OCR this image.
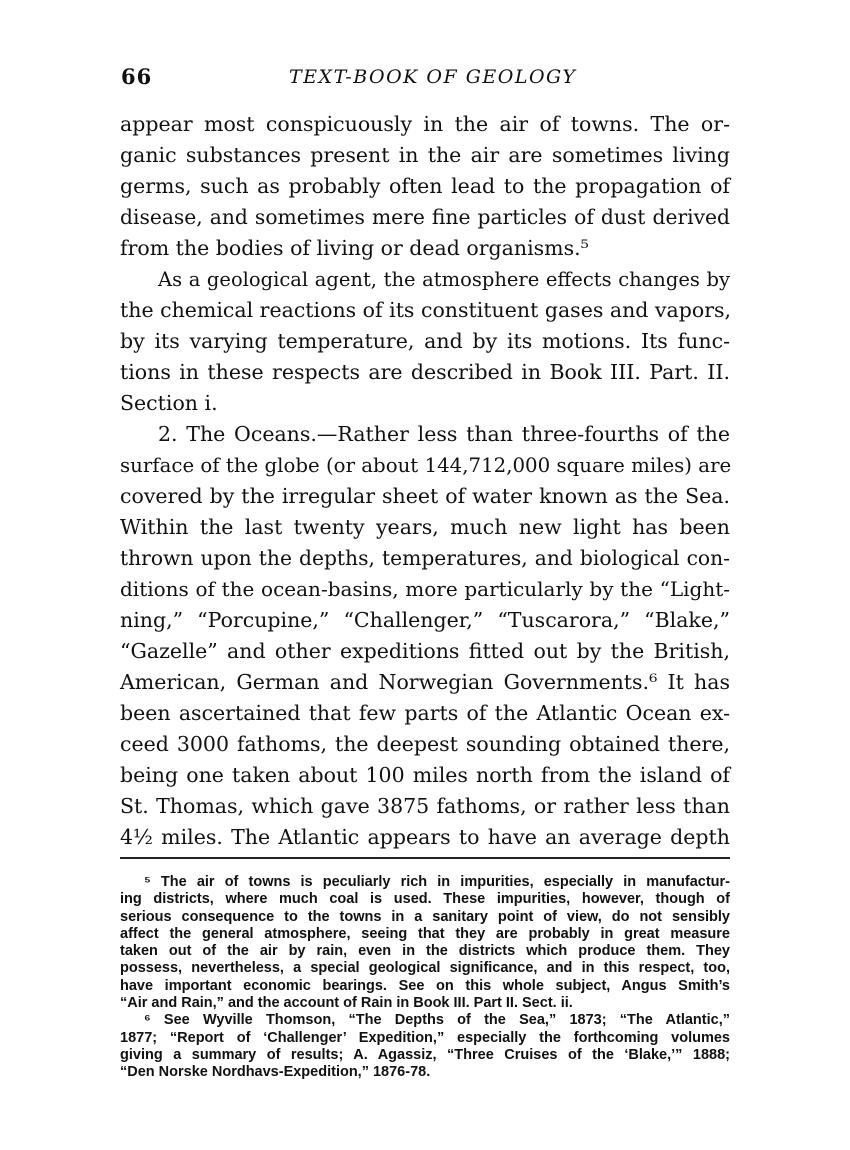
66	TEXT-BOOK OF GEOLOGY
appear most conspicuously in the air of towns. The or-
ganic substances present in the air are sometimes living
germs, such as probably often lead to the propagation of
disease, and sometimes mere fine particles of dust derived
from the bodies of living or dead organisms.⁵
As a geological agent, the atmosphere effects changes by
the chemical reactions of its constituent gases and vapors,
by its varying temperature, and by its motions. Its func-
tions in these respects are described in Book III. Part. II.
Section i.
2. The Oceans.—Rather less than three-fourths of the
surface of the globe (or about 144,712,000 square miles) are
covered by the irregular sheet of water known as the Sea.
Within the last twenty years, much new light has been
thrown upon the depths, temperatures, and biological con-
ditions of the ocean-basins, more particularly by the “Light-
ning,” “Porcupine,” “Challenger,” “Tuscarora,” “Blake,”
“Gazelle” and other expeditions fitted out by the British,
American, German and Norwegian Governments.⁶ It has
been ascertained that few parts of the Atlantic Ocean ex-
ceed 3000 fathoms, the deepest sounding obtained there,
being one taken about 100 miles north from the island of
St. Thomas, which gave 3875 fathoms, or rather less than
4½ miles. The Atlantic appears to have an average depth
⁵ The air of towns is peculiarly rich in impurities, especially in manufactur-
ing districts, where much coal is used. These impurities, however, though of
serious consequence to the towns in a sanitary point of view, do not sensibly
affect the general atmosphere, seeing that they are probably in great measure
taken out of the air by rain, even in the districts which produce them. They
possess, nevertheless, a special geological significance, and in this respect, too,
have important economic bearings. See on this whole subject, Angus Smith’s
“Air and Rain,” and the account of Rain in Book III. Part II. Sect. ii.
⁶ See Wyville Thomson, “The Depths of the Sea,” 1873; “The Atlantic,”
1877; “Report of ‘Challenger’ Expedition,” especially the forthcoming volumes
giving a summary of results; A. Agassiz, “Three Cruises of the ‘Blake,’” 1888;
“Den Norske Nordhavs-Expedition,” 1876-78.
